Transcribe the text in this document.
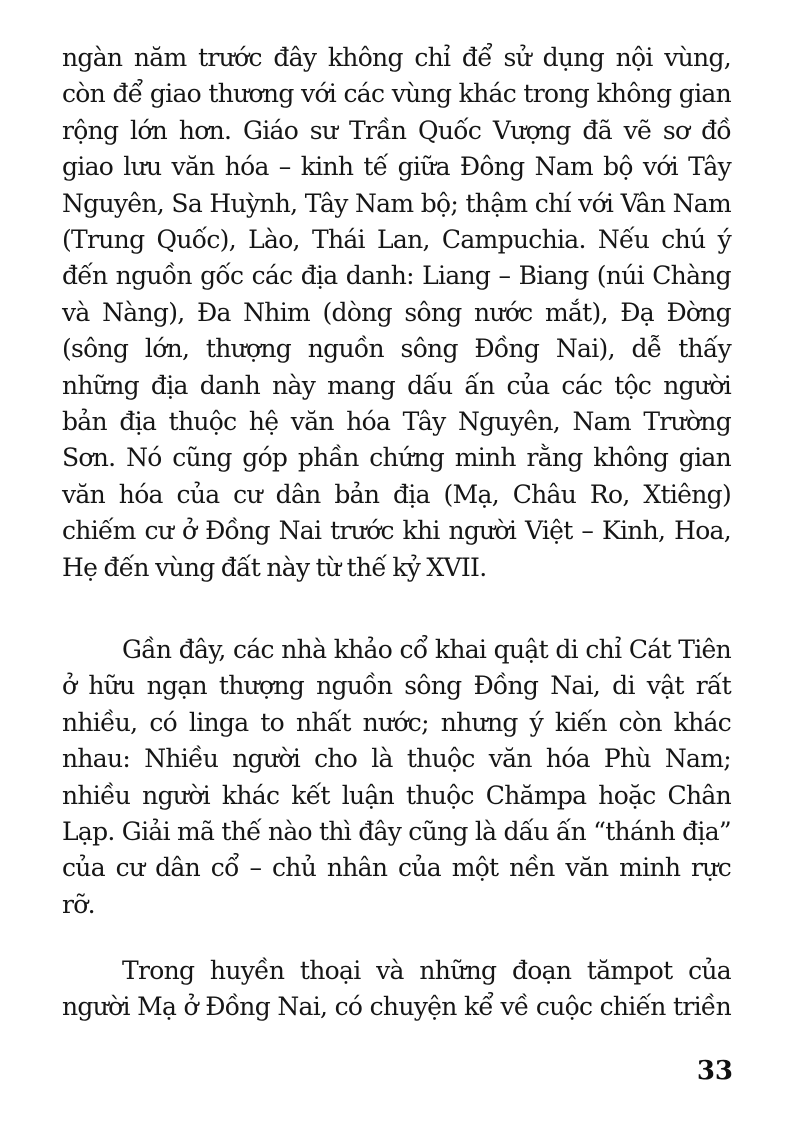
ngàn năm trước đây không chỉ để sử dụng nội vùng,
còn để giao thương với các vùng khác trong không gian
rộng lớn hơn. Giáo sư Trần Quốc Vượng đã vẽ sơ đồ
giao lưu văn hóa – kinh tế giữa Đông Nam bộ với Tây
Nguyên, Sa Huỳnh, Tây Nam bộ; thậm chí với Vân Nam
(Trung Quốc), Lào, Thái Lan, Campuchia. Nếu chú ý
đến nguồn gốc các địa danh: Liang – Biang (núi Chàng
và Nàng), Đa Nhim (dòng sông nước mắt), Đạ Đờng
(sông lớn, thượng nguồn sông Đồng Nai), dễ thấy
những địa danh này mang dấu ấn của các tộc người
bản địa thuộc hệ văn hóa Tây Nguyên, Nam Trường
Sơn. Nó cũng góp phần chứng minh rằng không gian
văn hóa của cư dân bản địa (Mạ, Châu Ro, Xtiêng)
chiếm cư ở Đồng Nai trước khi người Việt – Kinh, Hoa,
Hẹ đến vùng đất này từ thế kỷ XVII.

Gần đây, các nhà khảo cổ khai quật di chỉ Cát Tiên
ở hữu ngạn thượng nguồn sông Đồng Nai, di vật rất
nhiều, có linga to nhất nước; nhưng ý kiến còn khác
nhau: Nhiều người cho là thuộc văn hóa Phù Nam;
nhiều người khác kết luận thuộc Chămpa hoặc Chân
Lạp. Giải mã thế nào thì đây cũng là dấu ấn “thánh địa”
của cư dân cổ – chủ nhân của một nền văn minh rực
rỡ.

Trong huyền thoại và những đoạn tămpot của
người Mạ ở Đồng Nai, có chuyện kể về cuộc chiến triền

33
